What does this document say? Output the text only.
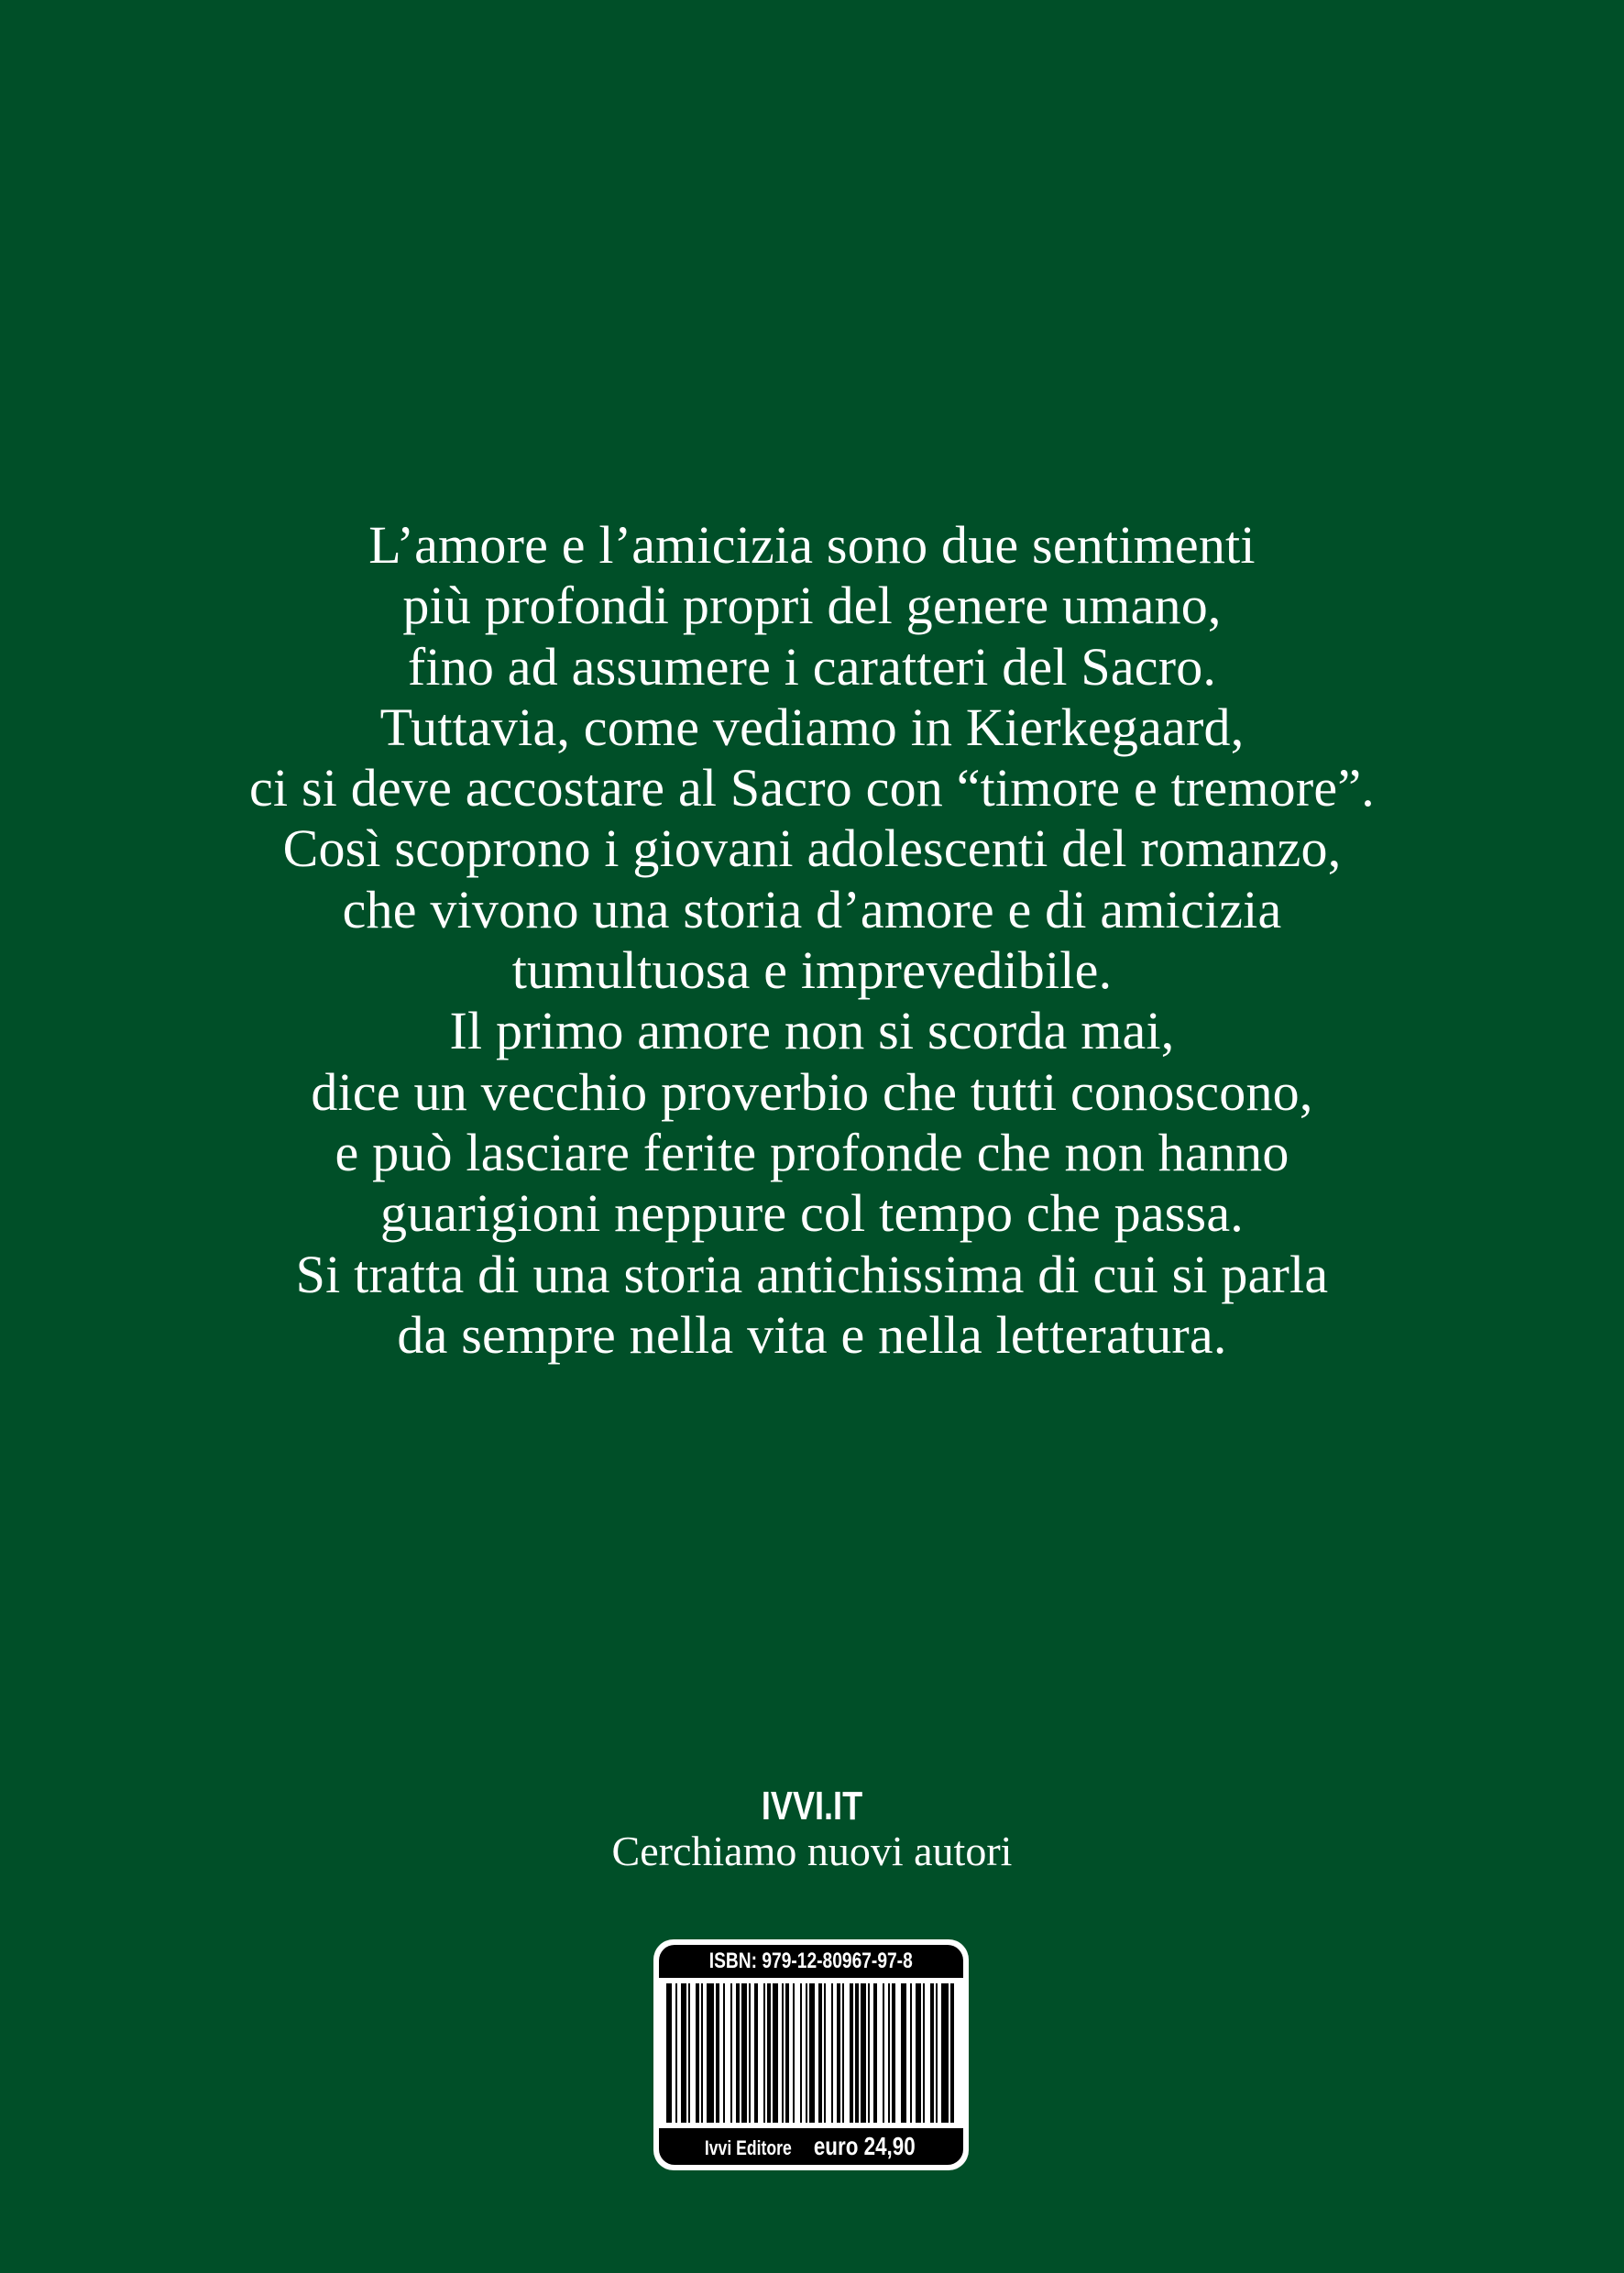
L’amore e l’amicizia sono due sentimenti
più profondi propri del genere umano,
fino ad assumere i caratteri del Sacro.
Tuttavia, come vediamo in Kierkegaard,
ci si deve accostare al Sacro con “timore e tremore”.
Così scoprono i giovani adolescenti del romanzo,
che vivono una storia d’amore e di amicizia
tumultuosa e imprevedibile.
Il primo amore non si scorda mai,
dice un vecchio proverbio che tutti conoscono,
e può lasciare ferite profonde che non hanno
guarigioni neppure col tempo che passa.
Si tratta di una storia antichissima di cui si parla
da sempre nella vita e nella letteratura.
IVVI.IT
Cerchiamo nuovi autori
ISBN: 979-12-80967-97-8
Ivvi Editore euro 24,90
